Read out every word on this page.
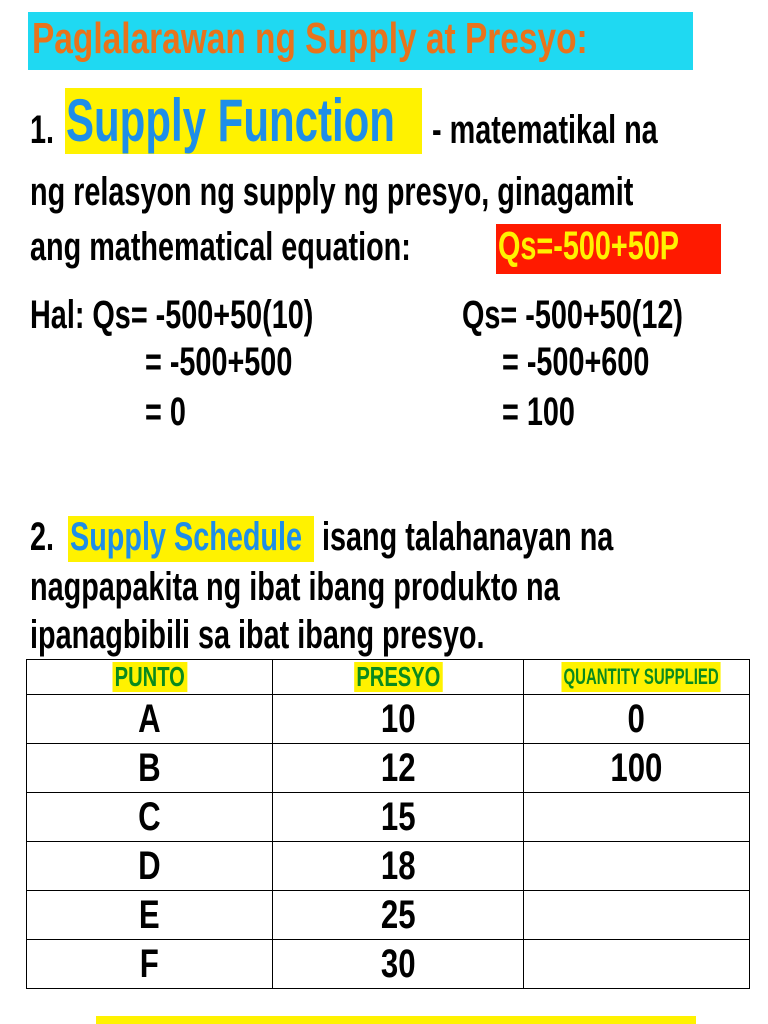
Paglalarawan ng Supply at Presyo:
1. Supply Function - matematikal na
ng relasyon ng supply ng presyo, ginagamit
ang mathematical equation: Qs=-500+50P
Hal: Qs= -500+50(10)
= -500+500
= 0
Qs= -500+50(12)
= -500+600
= 100
2. Supply Schedule isang talahanayan na
nagpapakita ng ibat ibang produkto na
ipanagbibili sa ibat ibang presyo.
PUNTO	PRESYO	QUANTITY SUPPLIED
A	10	0
B	12	100
C	15	
D	18	
E	25	
F	30	
